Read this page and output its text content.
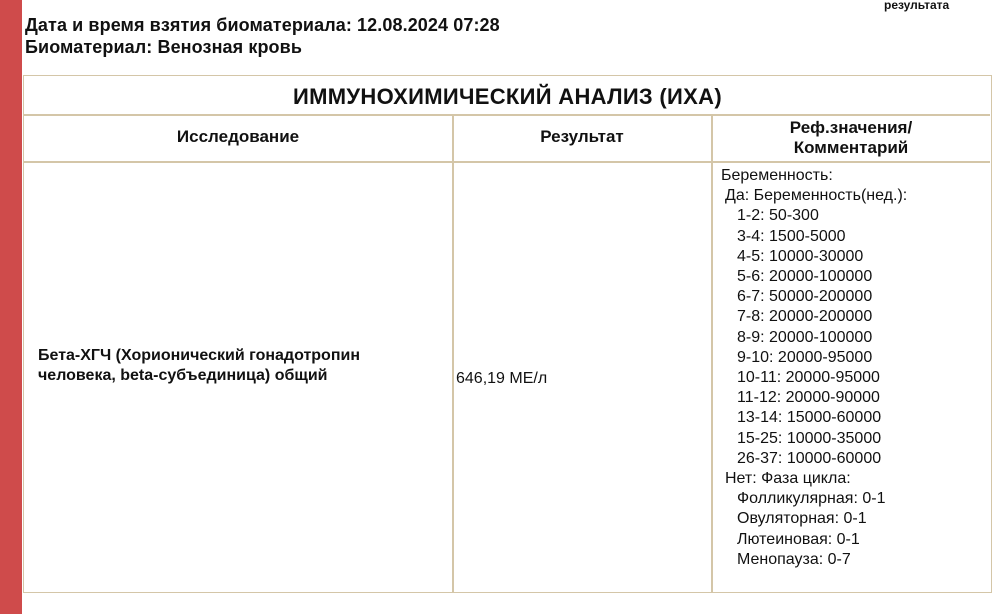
результата
Дата и время взятия биоматериала: 12.08.2024 07:28
Биоматериал: Венозная кровь
ИММУНОХИМИЧЕСКИЙ АНАЛИЗ (ИХА)
Исследование	Результат	Реф.значения/
Комментарий
Бета-ХГЧ (Хорионический гонадотропин
человека, beta-субъединица) общий	646,19 МЕ/л
Беременность:
Да: Беременность(нед.):
1-2: 50-300
3-4: 1500-5000
4-5: 10000-30000
5-6: 20000-100000
6-7: 50000-200000
7-8: 20000-200000
8-9: 20000-100000
9-10: 20000-95000
10-11: 20000-95000
11-12: 20000-90000
13-14: 15000-60000
15-25: 10000-35000
26-37: 10000-60000
Нет: Фаза цикла:
Фолликулярная: 0-1
Овуляторная: 0-1
Лютеиновая: 0-1
Менопауза: 0-7
